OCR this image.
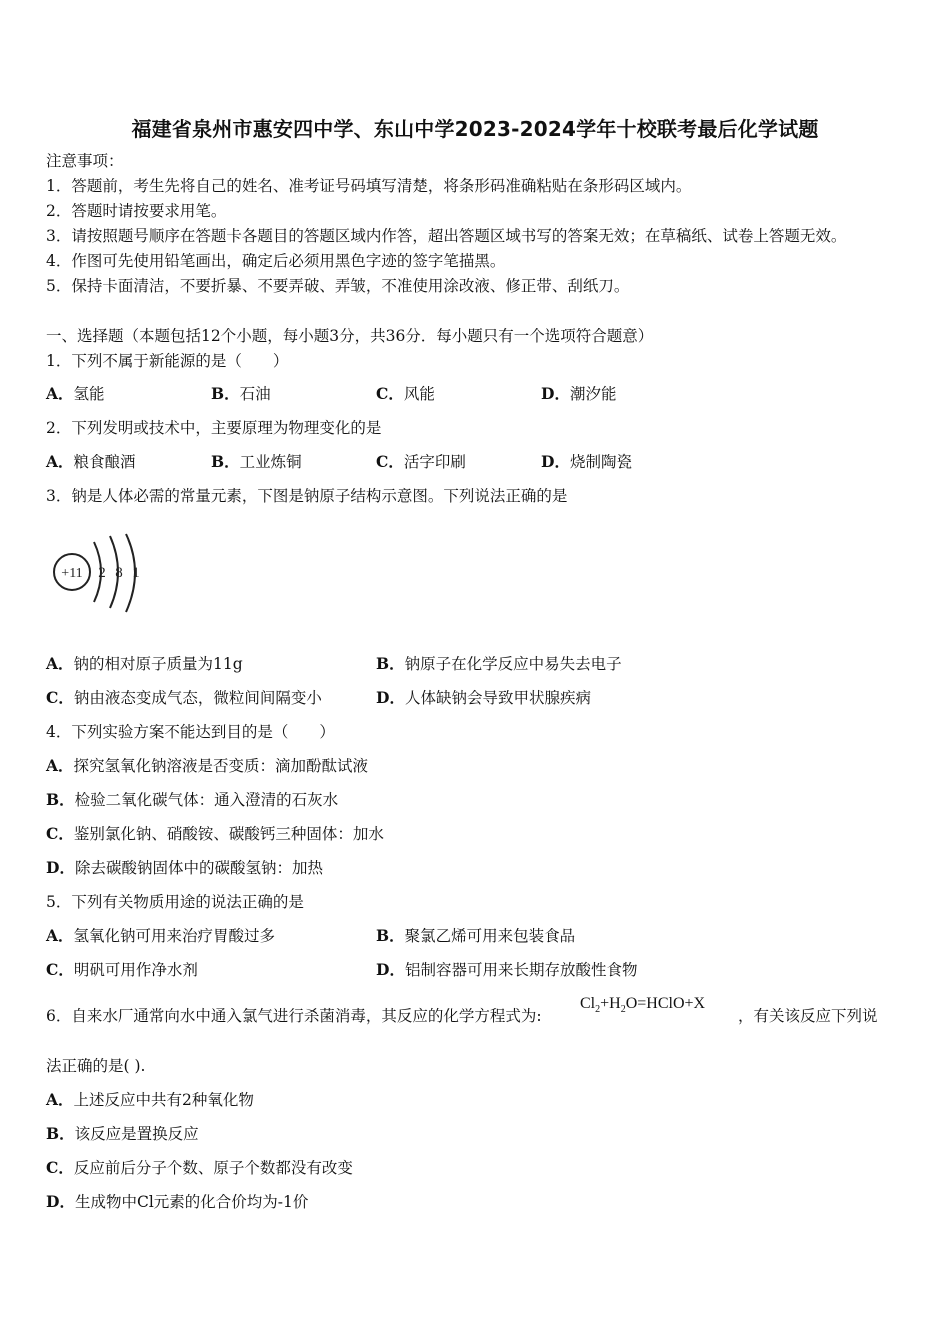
福建省泉州市惠安四中学、东山中学2023-2024学年十校联考最后化学试题
注意事项：
1．答题前，考生先将自己的姓名、准考证号码填写清楚，将条形码准确粘贴在条形码区域内。
2．答题时请按要求用笔。
3．请按照题号顺序在答题卡各题目的答题区域内作答，超出答题区域书写的答案无效；在草稿纸、试卷上答题无效。
4．作图可先使用铅笔画出，确定后必须用黑色字迹的签字笔描黑。
5．保持卡面清洁，不要折暴、不要弄破、弄皱，不准使用涂改液、修正带、刮纸刀。
一、选择题（本题包括12个小题，每小题3分，共36分．每小题只有一个选项符合题意）
1．下列不属于新能源的是（　　）
A．氢能	B．石油	C．风能	D．潮汐能
2．下列发明或技术中，主要原理为物理变化的是
A．粮食酿酒	B．工业炼铜	C．活字印刷	D．烧制陶瓷
3．钠是人体必需的常量元素，下图是钠原子结构示意图。下列说法正确的是
+11 2 8 1
A．钠的相对原子质量为11g	B．钠原子在化学反应中易失去电子
C．钠由液态变成气态，微粒间间隔变小	D．人体缺钠会导致甲状腺疾病
4．下列实验方案不能达到目的是（　　）
A．探究氢氧化钠溶液是否变质：滴加酚酞试液
B．检验二氧化碳气体：通入澄清的石灰水
C．鉴别氯化钠、硝酸铵、碳酸钙三种固体：加水
D．除去碳酸钠固体中的碳酸氢钠：加热
5．下列有关物质用途的说法正确的是
A．氢氧化钠可用来治疗胃酸过多	B．聚氯乙烯可用来包装食品
C．明矾可用作净水剂	D．铝制容器可用来长期存放酸性食物
6．自来水厂通常向水中通入氯气进行杀菌消毒，其反应的化学方程式为:
$Cl_2+H_2O=HClO+X$
，有关该反应下列说
法正确的是( ).
A．上述反应中共有2种氧化物
B．该反应是置换反应
C．反应前后分子个数、原子个数都没有改变
D．生成物中Cl元素的化合价均为-1价
